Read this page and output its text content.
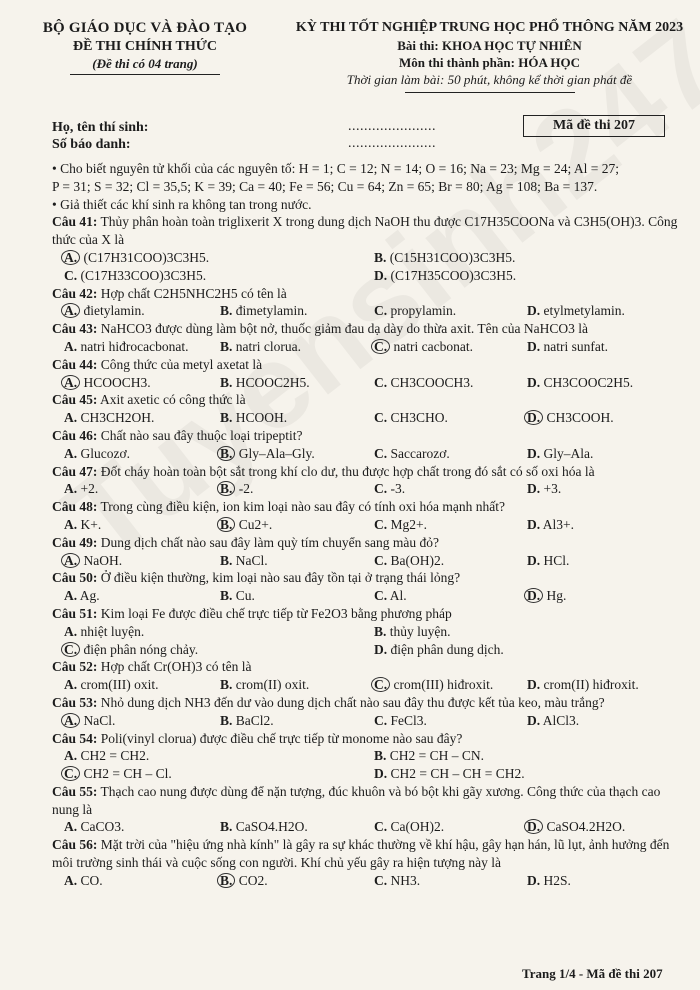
BỘ GIÁO DỤC VÀ ĐÀO TẠO
ĐỀ THI CHÍNH THỨC
(Đề thi có 04 trang)
KỲ THI TỐT NGHIỆP TRUNG HỌC PHỔ THÔNG NĂM 2023
Bài thi: KHOA HỌC TỰ NHIÊN
Môn thi thành phần: HÓA HỌC
Thời gian làm bài: 50 phút, không kể thời gian phát đề
Họ, tên thí sinh:
Số báo danh:
......................
......................
Mã đề thi 207
• Cho biết nguyên tử khối của các nguyên tố: H = 1; C = 12; N = 14; O = 16; Na = 23; Mg = 24; Al = 27;
P = 31; S = 32; Cl = 35,5; K = 39; Ca = 40; Fe = 56; Cu = 64; Zn = 65; Br = 80; Ag = 108; Ba = 137.
• Giả thiết các khí sinh ra không tan trong nước.
Câu 41: Thủy phân hoàn toàn triglixerit X trong dung dịch NaOH thu được C17H35COONa và C3H5(OH)3. Công thức của X là
A. (C17H31COO)3C3H5.	B. (C15H31COO)3C3H5.
C. (C17H33COO)3C3H5.	D. (C17H35COO)3C3H5.
Câu 42: Hợp chất C2H5NHC2H5 có tên là
A. đietylamin.	B. đimetylamin.	C. propylamin.	D. etylmetylamin.
Câu 43: NaHCO3 được dùng làm bột nở, thuốc giảm đau dạ dày do thừa axit. Tên của NaHCO3 là
A. natri hiđrocacbonat. B. natri clorua.	C. natri cacbonat.	D. natri sunfat.
Câu 44: Công thức của metyl axetat là
A. HCOOCH3.	B. HCOOC2H5.	C. CH3COOCH3.	D. CH3COOC2H5.
Câu 45: Axit axetic có công thức là
A. CH3CH2OH.	B. HCOOH.	C. CH3CHO.	D. CH3COOH.
Câu 46: Chất nào sau đây thuộc loại tripeptit?
A. Glucozơ.	B. Gly–Ala–Gly.	C. Saccarozơ.	D. Gly–Ala.
Câu 47: Đốt cháy hoàn toàn bột sắt trong khí clo dư, thu được hợp chất trong đó sắt có số oxi hóa là
A. +2.	B. -2.	C. -3.	D. +3.
Câu 48: Trong cùng điều kiện, ion kim loại nào sau đây có tính oxi hóa mạnh nhất?
A. K+.	B. Cu2+.	C. Mg2+.	D. Al3+.
Câu 49: Dung dịch chất nào sau đây làm quỳ tím chuyển sang màu đỏ?
A. NaOH.	B. NaCl.	C. Ba(OH)2.	D. HCl.
Câu 50: Ở điều kiện thường, kim loại nào sau đây tồn tại ở trạng thái lỏng?
A. Ag.	B. Cu.	C. Al.	D. Hg.
Câu 51: Kim loại Fe được điều chế trực tiếp từ Fe2O3 bằng phương pháp
A. nhiệt luyện.	B. thủy luyện.
C. điện phân nóng chảy.	D. điện phân dung dịch.
Câu 52: Hợp chất Cr(OH)3 có tên là
A. crom(III) oxit.	B. crom(II) oxit.	C. crom(III) hiđroxit.	D. crom(II) hiđroxit.
Câu 53: Nhỏ dung dịch NH3 đến dư vào dung dịch chất nào sau đây thu được kết tủa keo, màu trắng?
A. NaCl.	B. BaCl2.	C. FeCl3.	D. AlCl3.
Câu 54: Poli(vinyl clorua) được điều chế trực tiếp từ monome nào sau đây?
A. CH2 = CH2.	B. CH2 = CH – CN.
C. CH2 = CH – Cl.	D. CH2 = CH – CH = CH2.
Câu 55: Thạch cao nung được dùng để nặn tượng, đúc khuôn và bó bột khi gãy xương. Công thức của thạch cao nung là
A. CaCO3.	B. CaSO4.H2O.	C. Ca(OH)2.	D. CaSO4.2H2O.
Câu 56: Mặt trời của "hiệu ứng nhà kính" là gây ra sự khác thường về khí hậu, gây hạn hán, lũ lụt, ảnh hưởng đến môi trường sinh thái và cuộc sống con người. Khí chủ yếu gây ra hiện tượng này là
A. CO.	B. CO2.	C. NH3.	D. H2S.
Trang 1/4 - Mã đề thi 207
